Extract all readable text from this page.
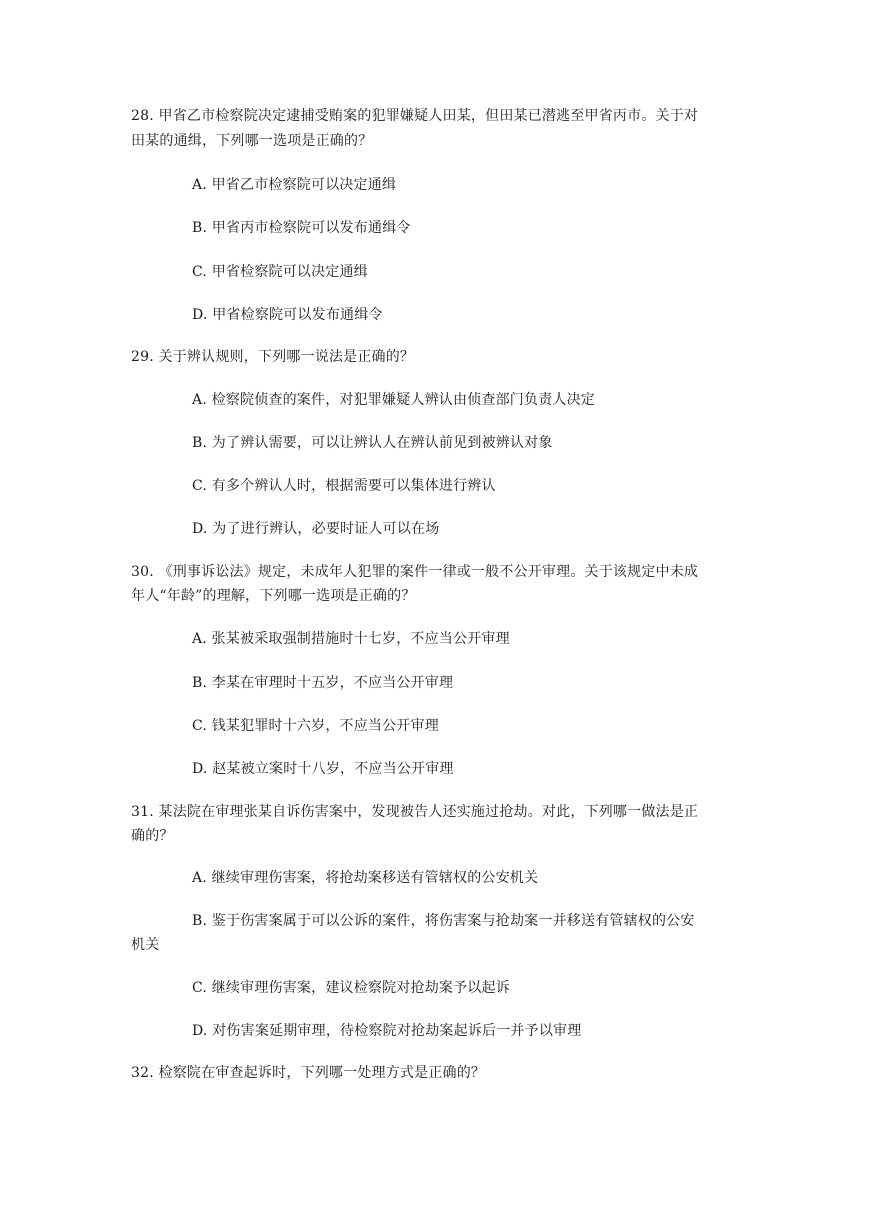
28. 甲省乙市检察院决定逮捕受贿案的犯罪嫌疑人田某，但田某已潜逃至甲省丙市。关于对
田某的通缉，下列哪一选项是正确的？
A. 甲省乙市检察院可以决定通缉
B. 甲省丙市检察院可以发布通缉令
C. 甲省检察院可以决定通缉
D. 甲省检察院可以发布通缉令
29. 关于辨认规则，下列哪一说法是正确的？
A. 检察院侦查的案件，对犯罪嫌疑人辨认由侦查部门负责人决定
B. 为了辨认需要，可以让辨认人在辨认前见到被辨认对象
C. 有多个辨认人时，根据需要可以集体进行辨认
D. 为了进行辨认，必要时证人可以在场
30. 《刑事诉讼法》规定，未成年人犯罪的案件一律或一般不公开审理。关于该规定中未成
年人“年龄”的理解，下列哪一选项是正确的？
A. 张某被采取强制措施时十七岁，不应当公开审理
B. 李某在审理时十五岁，不应当公开审理
C. 钱某犯罪时十六岁，不应当公开审理
D. 赵某被立案时十八岁，不应当公开审理
31. 某法院在审理张某自诉伤害案中，发现被告人还实施过抢劫。对此，下列哪一做法是正
确的？
A. 继续审理伤害案，将抢劫案移送有管辖权的公安机关
B. 鉴于伤害案属于可以公诉的案件，将伤害案与抢劫案一并移送有管辖权的公安
机关
C. 继续审理伤害案，建议检察院对抢劫案予以起诉
D. 对伤害案延期审理，待检察院对抢劫案起诉后一并予以审理
32. 检察院在审查起诉时，下列哪一处理方式是正确的？
